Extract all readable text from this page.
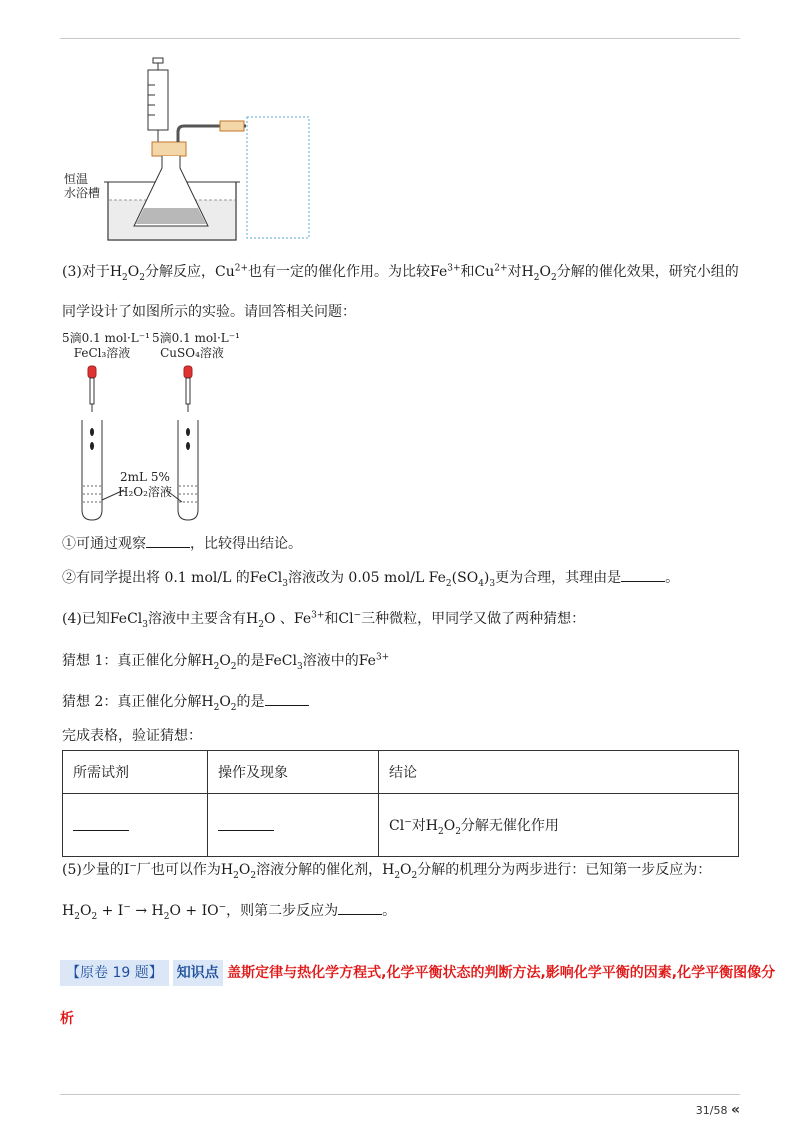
恒温
水浴槽
(3)对于$H_2O_2$分解反应，$Cu^{2+}$也有一定的催化作用。为比较$Fe^{3+}$和$Cu^{2+}$对$H_2O_2$分解的催化效果，研究小组的
同学设计了如图所示的实验。请回答相关问题：
5滴0.1 mol·L⁻¹
FeCl₃溶液
5滴0.1 mol·L⁻¹
CuSO₄溶液
2mL 5%
H₂O₂溶液
①可通过观察	，比较得出结论。
②有同学提出将 0.1 mol/L 的FeCl$_3$溶液改为 0.05 mol/L $Fe_2(SO_4)_3$更为合理，其理由是	。
(4)已知FeCl$_3$溶液中主要含有$H_2O$ 、$Fe^{3+}$和Cl−三种微粒，甲同学又做了两种猜想：
猜想 1：真正催化分解$H_2O_2$的是FeCl$_3$溶液中的$Fe^{3+}$
猜想 2：真正催化分解$H_2O_2$的是
完成表格，验证猜想：
所需试剂	操作及现象	结论
		Cl−对$H_2O_2$分解无催化作用
(5)少量的I−厂也可以作为$H_2O_2$溶液分解的催化剂，$H_2O_2$分解的机理分为两步进行：已知第一步反应为：
$H_2O_2 + I^- \to H_2O + IO^-$，则第二步反应为	。
【原卷 19 题】 知识点 盖斯定律与热化学方程式,化学平衡状态的判断方法,影响化学平衡的因素,化学平衡图像分
析
31/58 «
